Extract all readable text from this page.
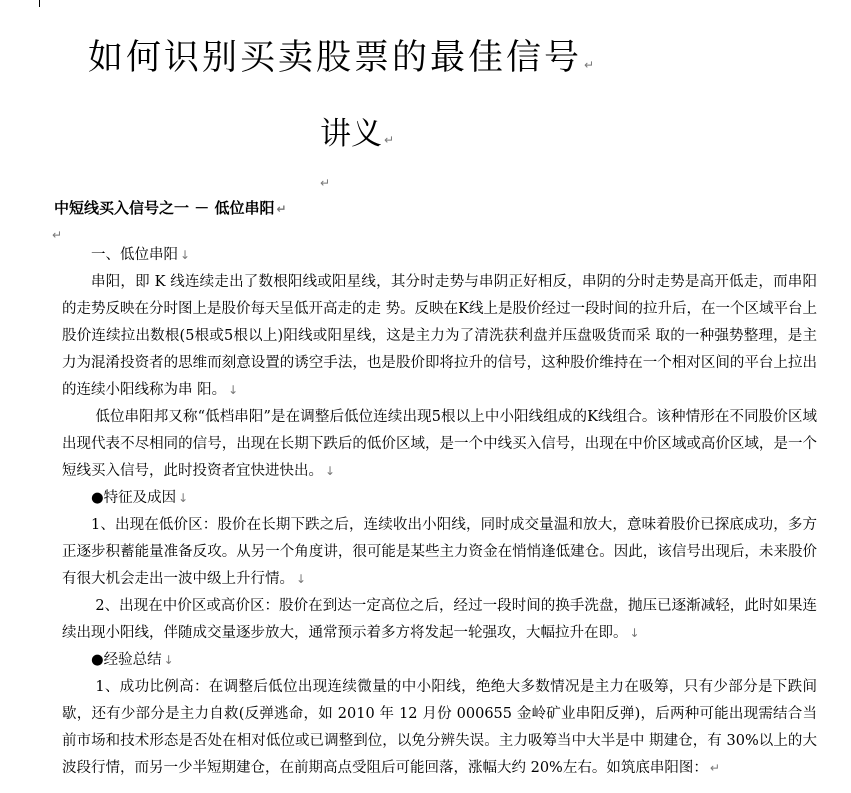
如何识别买卖股票的最佳信号 ↵
讲义 ↵
↵
中短线买入信号之一 － 低位串阳 ↵
↵

一、低位串阳 ↓

串阳，即 K 线连续走出了数根阳线或阳星线，其分时走势与串阴正好相反，串阴的分时走势是高开低走，而串阳的走势反映在分时图上是股价每天呈低开高走的走 势。反映在K线上是股价经过一段时间的拉升后，在一个区域平台上股价连续拉出数根(5根或5根以上)阳线或阳星线，这是主力为了清洗获利盘并压盘吸货而采 取的一种强势整理，是主力为混淆投资者的思维而刻意设置的诱空手法，也是股价即将拉升的信号，这种股价维持在一个相对区间的平台上拉出的连续小阳线称为串 阳。 ↓

低位串阳邦又称“低档串阳”是在调整后低位连续出现5根以上中小阳线组成的K线组合。该种情形在不同股价区域出现代表不尽相同的信号，出现在长期下跌后的低价区域，是一个中线买入信号，出现在中价区域或高价区域，是一个短线买入信号，此时投资者宜快进快出。 ↓

●特征及成因 ↓

1、出现在低价区：股价在长期下跌之后，连续收出小阳线，同时成交量温和放大，意味着股价已探底成功，多方正逐步积蓄能量准备反攻。从另一个角度讲，很可能是某些主力资金在悄悄逢低建仓。因此，该信号出现后，未来股价有很大机会走出一波中级上升行情。 ↓

2、出现在中价区或高价区：股价在到达一定高位之后，经过一段时间的换手洗盘，抛压已逐渐减轻，此时如果连续出现小阳线，伴随成交量逐步放大，通常预示着多方将发起一轮强攻，大幅拉升在即。 ↓

●经验总结 ↓

1、成功比例高：在调整后低位出现连续微量的中小阳线，绝绝大多数情况是主力在吸筹，只有少部分是下跌间歇，还有少部分是主力自救(反弹逃命，如 2010 年 12 月份 000655 金岭矿业串阳反弹)，后两种可能出现需结合当前市场和技术形态是否处在相对低位或已调整到位，以免分辨失误。主力吸筹当中大半是中 期建仓，有 30%以上的大波段行情，而另一少半短期建仓，在前期高点受阻后可能回落，涨幅大约 20%左右。如筑底串阳图： ↵
